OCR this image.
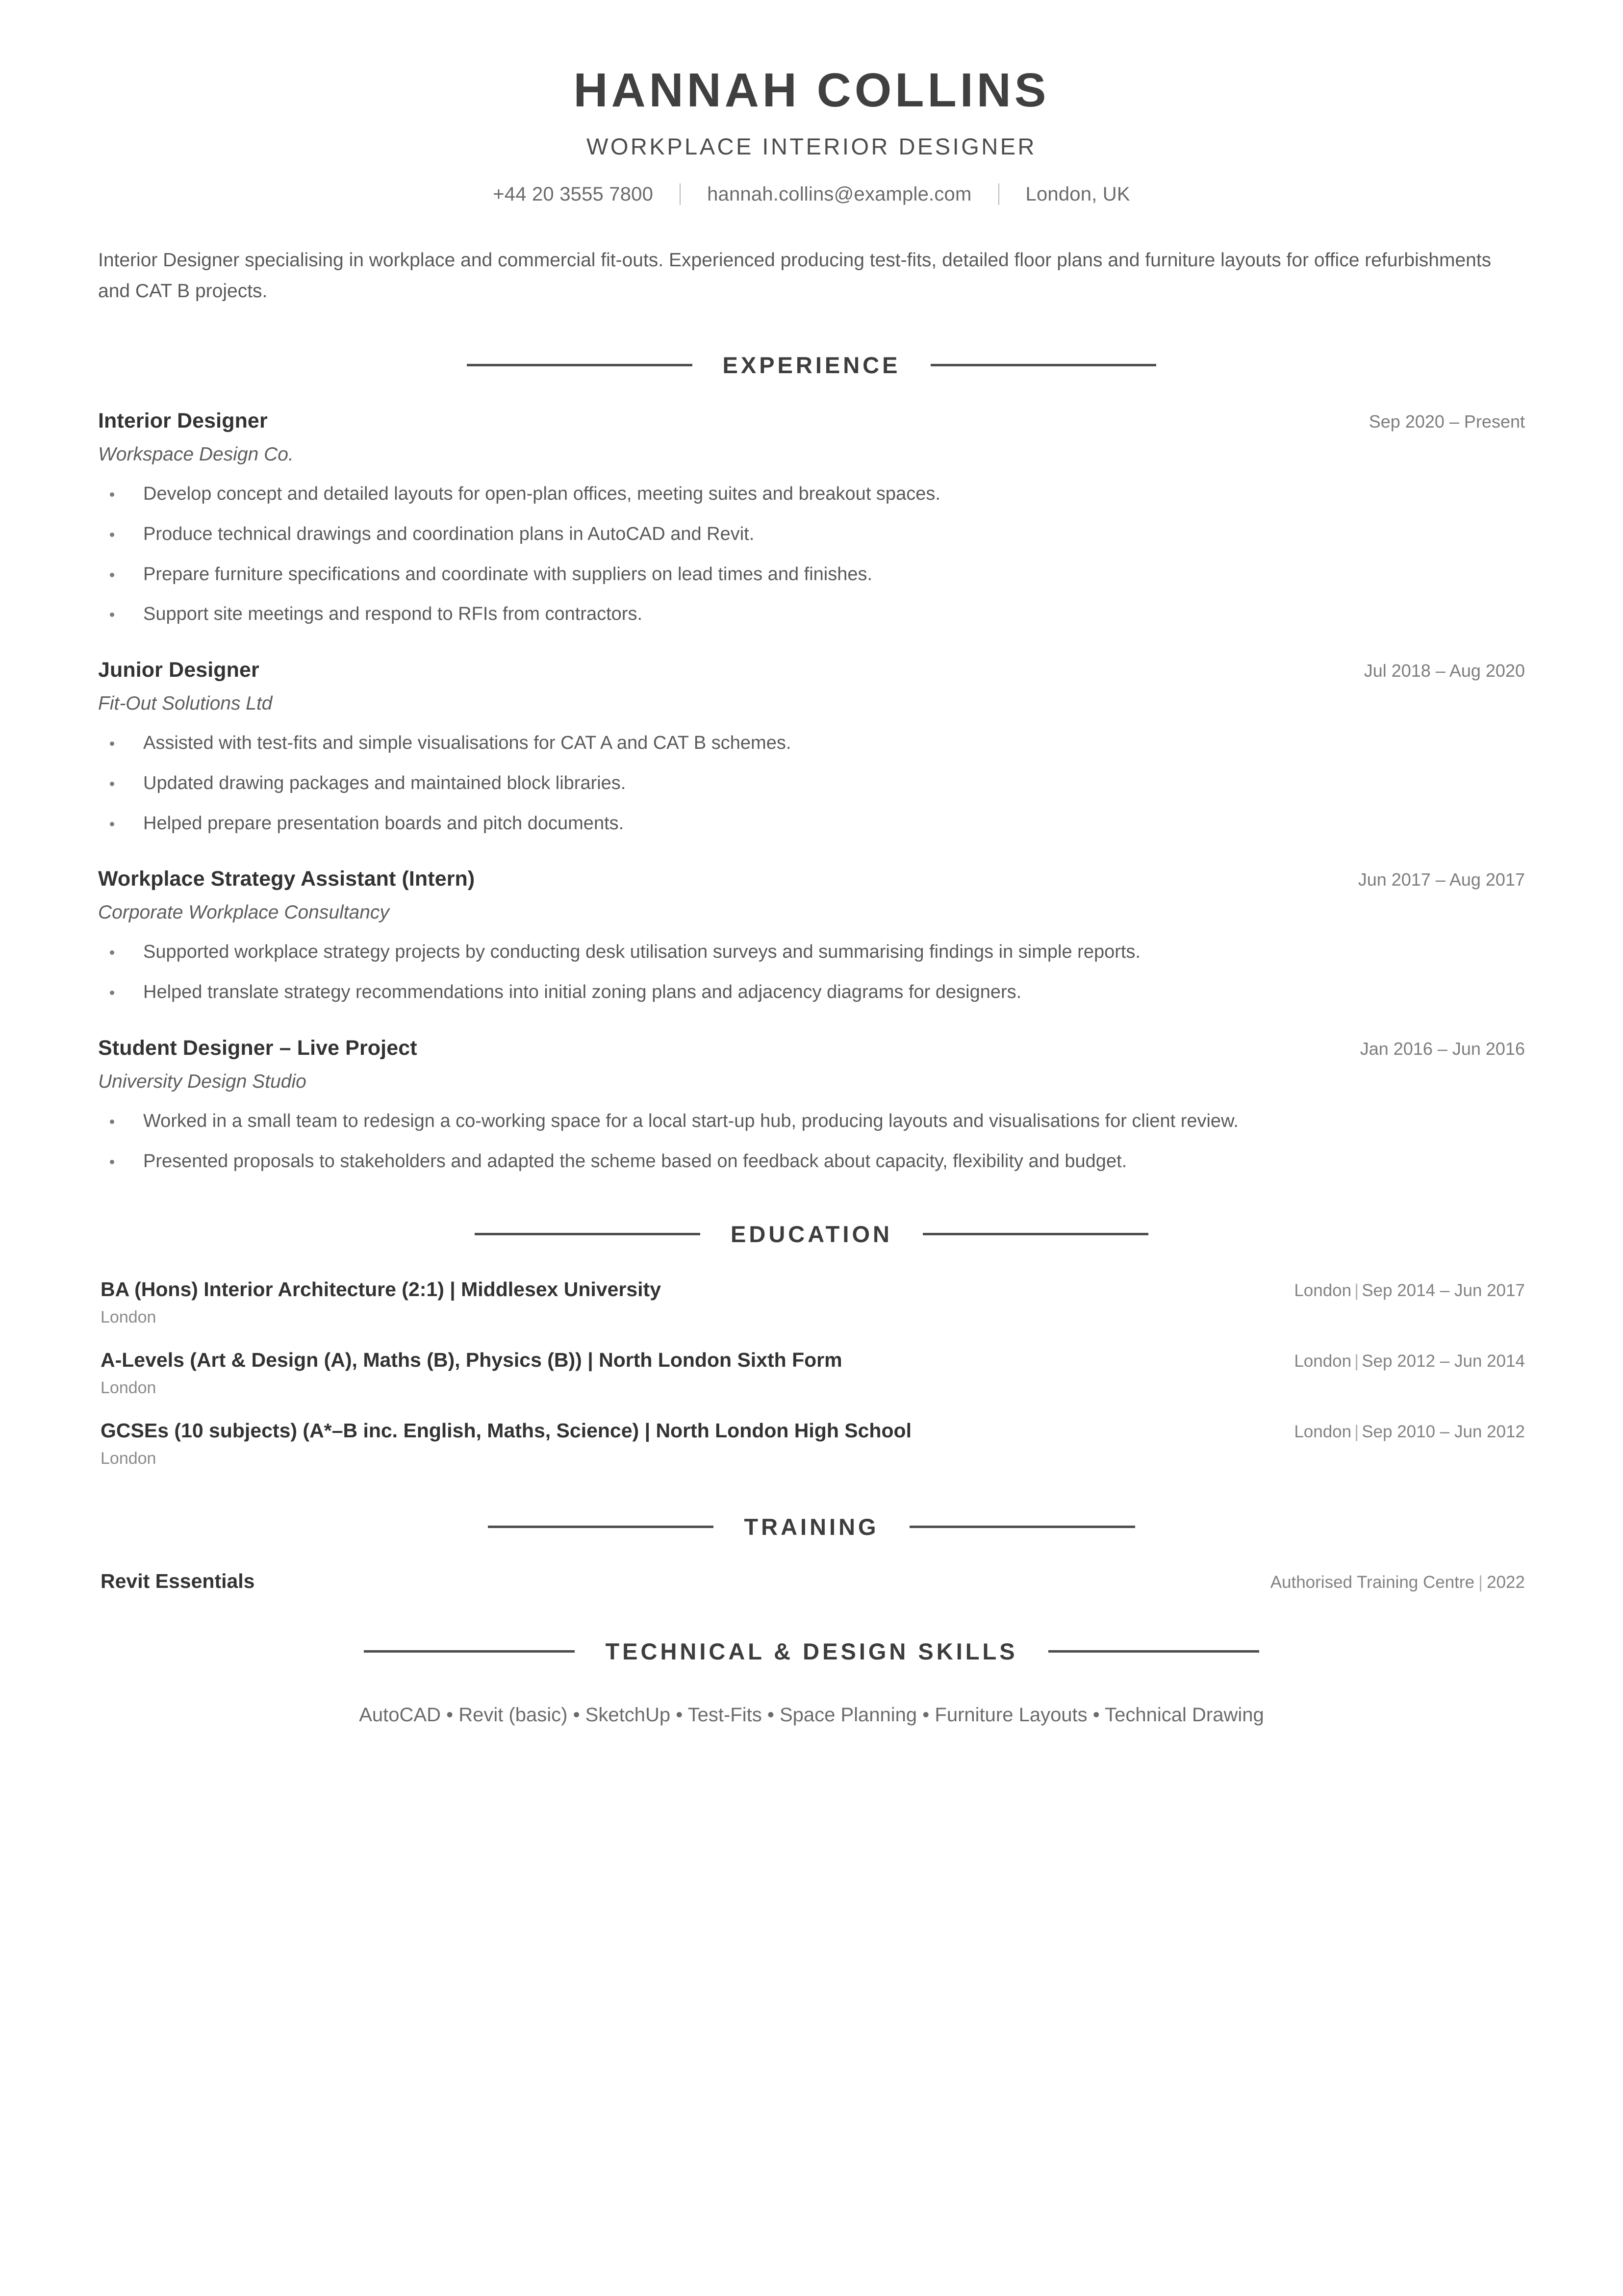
HANNAH COLLINS
WORKPLACE INTERIOR DESIGNER
+44 20 3555 7800	hannah.collins@example.com	London, UK
Interior Designer specialising in workplace and commercial fit-outs. Experienced producing test-fits, detailed floor plans and furniture layouts for office refurbishments and CAT B projects.
EXPERIENCE
Interior Designer	Sep 2020 – Present
Workspace Design Co.
Develop concept and detailed layouts for open-plan offices, meeting suites and breakout spaces.
Produce technical drawings and coordination plans in AutoCAD and Revit.
Prepare furniture specifications and coordinate with suppliers on lead times and finishes.
Support site meetings and respond to RFIs from contractors.
Junior Designer	Jul 2018 – Aug 2020
Fit-Out Solutions Ltd
Assisted with test-fits and simple visualisations for CAT A and CAT B schemes.
Updated drawing packages and maintained block libraries.
Helped prepare presentation boards and pitch documents.
Workplace Strategy Assistant (Intern)	Jun 2017 – Aug 2017
Corporate Workplace Consultancy
Supported workplace strategy projects by conducting desk utilisation surveys and summarising findings in simple reports.
Helped translate strategy recommendations into initial zoning plans and adjacency diagrams for designers.
Student Designer – Live Project	Jan 2016 – Jun 2016
University Design Studio
Worked in a small team to redesign a co-working space for a local start-up hub, producing layouts and visualisations for client review.
Presented proposals to stakeholders and adapted the scheme based on feedback about capacity, flexibility and budget.
EDUCATION
BA (Hons) Interior Architecture (2:1) | Middlesex University	London | Sep 2014 – Jun 2017
London
A-Levels (Art & Design (A), Maths (B), Physics (B)) | North London Sixth Form	London | Sep 2012 – Jun 2014
London
GCSEs (10 subjects) (A*–B inc. English, Maths, Science) | North London High School	London | Sep 2010 – Jun 2012
London
TRAINING
Revit Essentials	Authorised Training Centre | 2022
TECHNICAL & DESIGN SKILLS
AutoCAD • Revit (basic) • SketchUp • Test-Fits • Space Planning • Furniture Layouts • Technical Drawing
